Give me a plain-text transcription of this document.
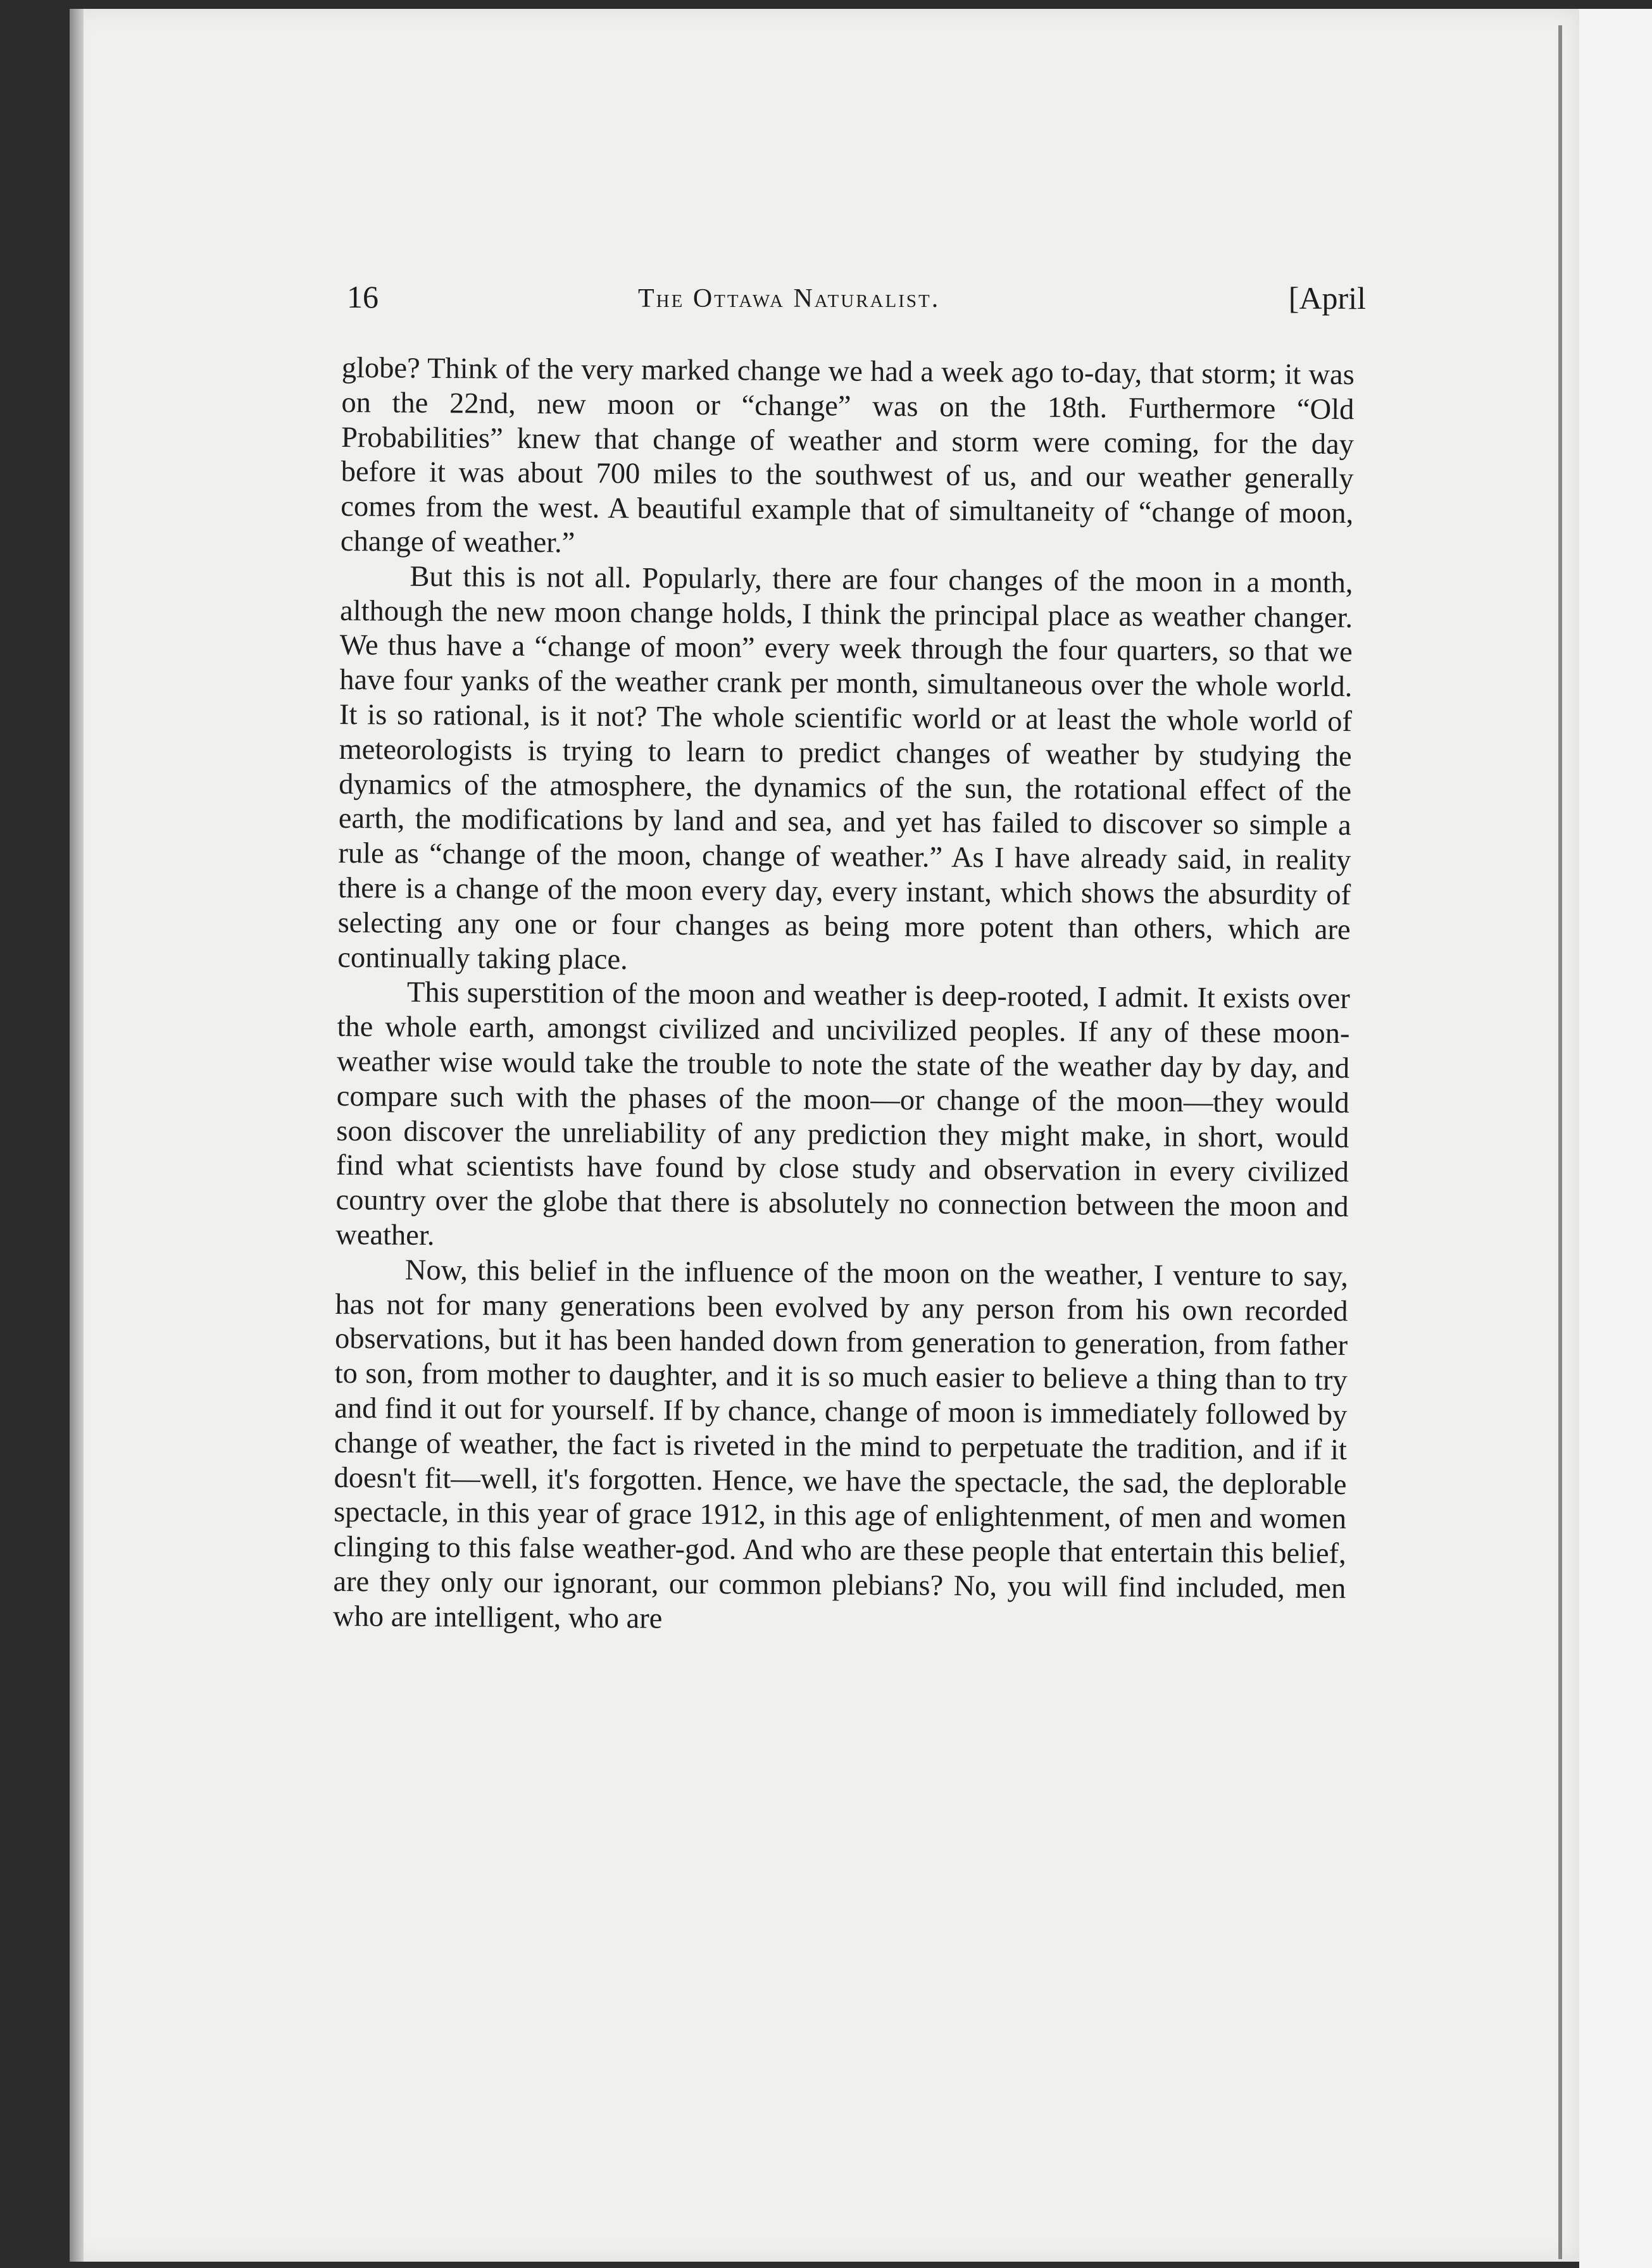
16	The Ottawa Naturalist.	[April

globe? Think of the very marked change we had a week ago to-day, that storm; it was on the 22nd, new moon or “change” was on the 18th. Furthermore “Old Probabilities” knew that change of weather and storm were coming, for the day before it was about 700 miles to the southwest of us, and our weather generally comes from the west. A beautiful example that of simultaneity of “change of moon, change of weather.”

But this is not all. Popularly, there are four changes of the moon in a month, although the new moon change holds, I think the principal place as weather changer. We thus have a “change of moon” every week through the four quarters, so that we have four yanks of the weather crank per month, simultaneous over the whole world. It is so rational, is it not? The whole scientific world or at least the whole world of meteorologists is trying to learn to predict changes of weather by studying the dynamics of the atmosphere, the dynamics of the sun, the rotational effect of the earth, the modifications by land and sea, and yet has failed to discover so simple a rule as “change of the moon, change of weather.” As I have already said, in reality there is a change of the moon every day, every instant, which shows the absurdity of selecting any one or four changes as being more potent than others, which are continually taking place.

This superstition of the moon and weather is deep-rooted, I admit. It exists over the whole earth, amongst civilized and uncivilized peoples. If any of these moon-weather wise would take the trouble to note the state of the weather day by day, and compare such with the phases of the moon—or change of the moon—they would soon discover the unreliability of any prediction they might make, in short, would find what scientists have found by close study and observation in every civilized country over the globe that there is absolutely no connection between the moon and weather.

Now, this belief in the influence of the moon on the weather, I venture to say, has not for many generations been evolved by any person from his own recorded observations, but it has been handed down from generation to generation, from father to son, from mother to daughter, and it is so much easier to believe a thing than to try and find it out for yourself. If by chance, change of moon is immediately followed by change of weather, the fact is riveted in the mind to perpetuate the tradition, and if it doesn't fit—well, it's forgotten. Hence, we have the spectacle, the sad, the deplorable spectacle, in this year of grace 1912, in this age of enlightenment, of men and women clinging to this false weather-god. And who are these people that entertain this belief, are they only our ignorant, our common plebians? No, you will find included, men who are intelligent, who are
